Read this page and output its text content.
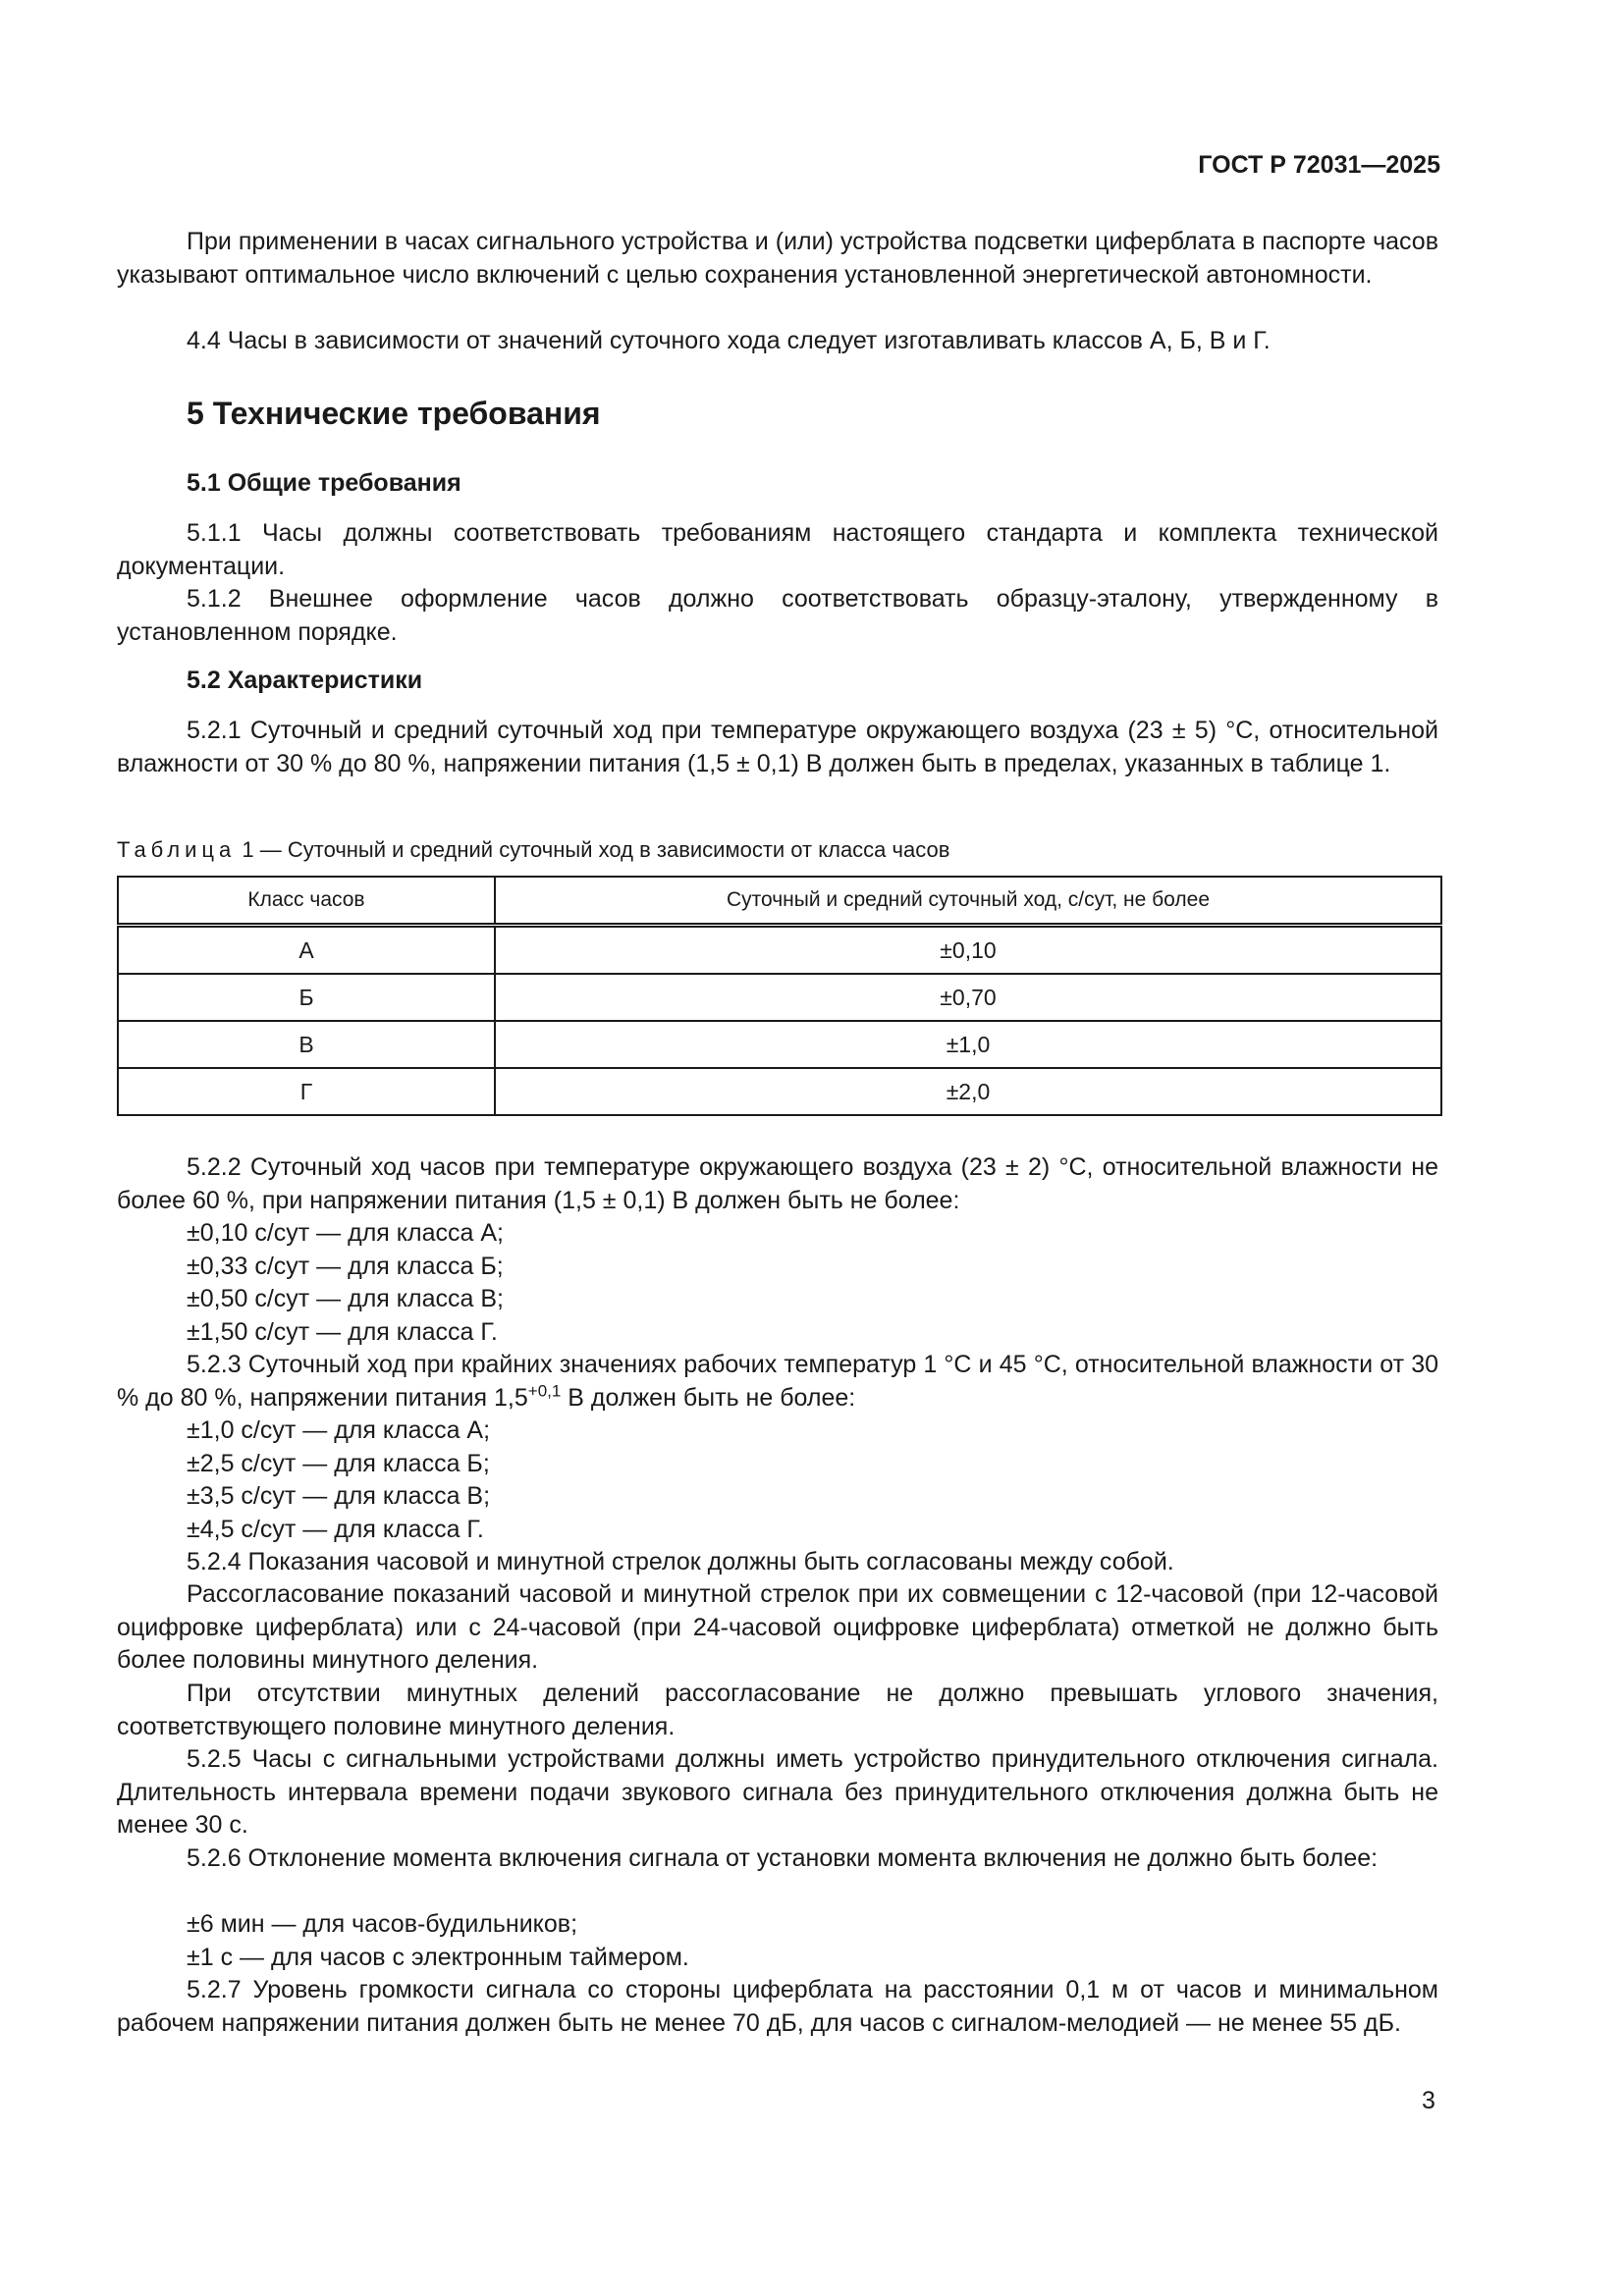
ГОСТ Р 72031—2025

При применении в часах сигнального устройства и (или) устройства подсветки циферблата в паспорте часов указывают оптимальное число включений с целью сохранения установленной энергетической автономности.

4.4 Часы в зависимости от значений суточного хода следует изготавливать классов А, Б, В и Г.

5 Технические требования
5.1 Общие требования

5.1.1 Часы должны соответствовать требованиям настоящего стандарта и комплекта технической документации.

5.1.2 Внешнее оформление часов должно соответствовать образцу-эталону, утвержденному в установленном порядке.

5.2 Характеристики

5.2.1 Суточный и средний суточный ход при температуре окружающего воздуха (23 ± 5) °C, относительной влажности от 30 % до 80 %, напряжении питания (1,5 ± 0,1) В должен быть в пределах, указанных в таблице 1.

Таблица 1 — Суточный и средний суточный ход в зависимости от класса часов
Класс часов	Суточный и средний суточный ход, с/сут, не более
А	±0,10
Б	±0,70
В	±1,0
Г	±2,0

5.2.2 Суточный ход часов при температуре окружающего воздуха (23 ± 2) °C, относительной влажности не более 60 %, при напряжении питания (1,5 ± 0,1) В должен быть не более:

±0,10 с/сут — для класса А;
±0,33 с/сут — для класса Б;
±0,50 с/сут — для класса В;
±1,50 с/сут — для класса Г.

5.2.3 Суточный ход при крайних значениях рабочих температур 1 °C и 45 °C, относительной влажности от 30 % до 80 %, напряжении питания $1,5^{+0,1}$ В должен быть не более:

±1,0 с/сут — для класса А;
±2,5 с/сут — для класса Б;
±3,5 с/сут — для класса В;
±4,5 с/сут — для класса Г.

5.2.4 Показания часовой и минутной стрелок должны быть согласованы между собой.

Рассогласование показаний часовой и минутной стрелок при их совмещении с 12-часовой (при 12-часовой оцифровке циферблата) или с 24-часовой (при 24-часовой оцифровке циферблата) отметкой не должно быть более половины минутного деления.

При отсутствии минутных делений рассогласование не должно превышать углового значения, соответствующего половине минутного деления.

5.2.5 Часы с сигнальными устройствами должны иметь устройство принудительного отключения сигнала. Длительность интервала времени подачи звукового сигнала без принудительного отключения должна быть не менее 30 с.

5.2.6 Отклонение момента включения сигнала от установки момента включения не должно быть более:

±6 мин — для часов-будильников;
±1 с — для часов с электронным таймером.

5.2.7 Уровень громкости сигнала со стороны циферблата на расстоянии 0,1 м от часов и минимальном рабочем напряжении питания должен быть не менее 70 дБ, для часов с сигналом-мелодией — не менее 55 дБ.

3
